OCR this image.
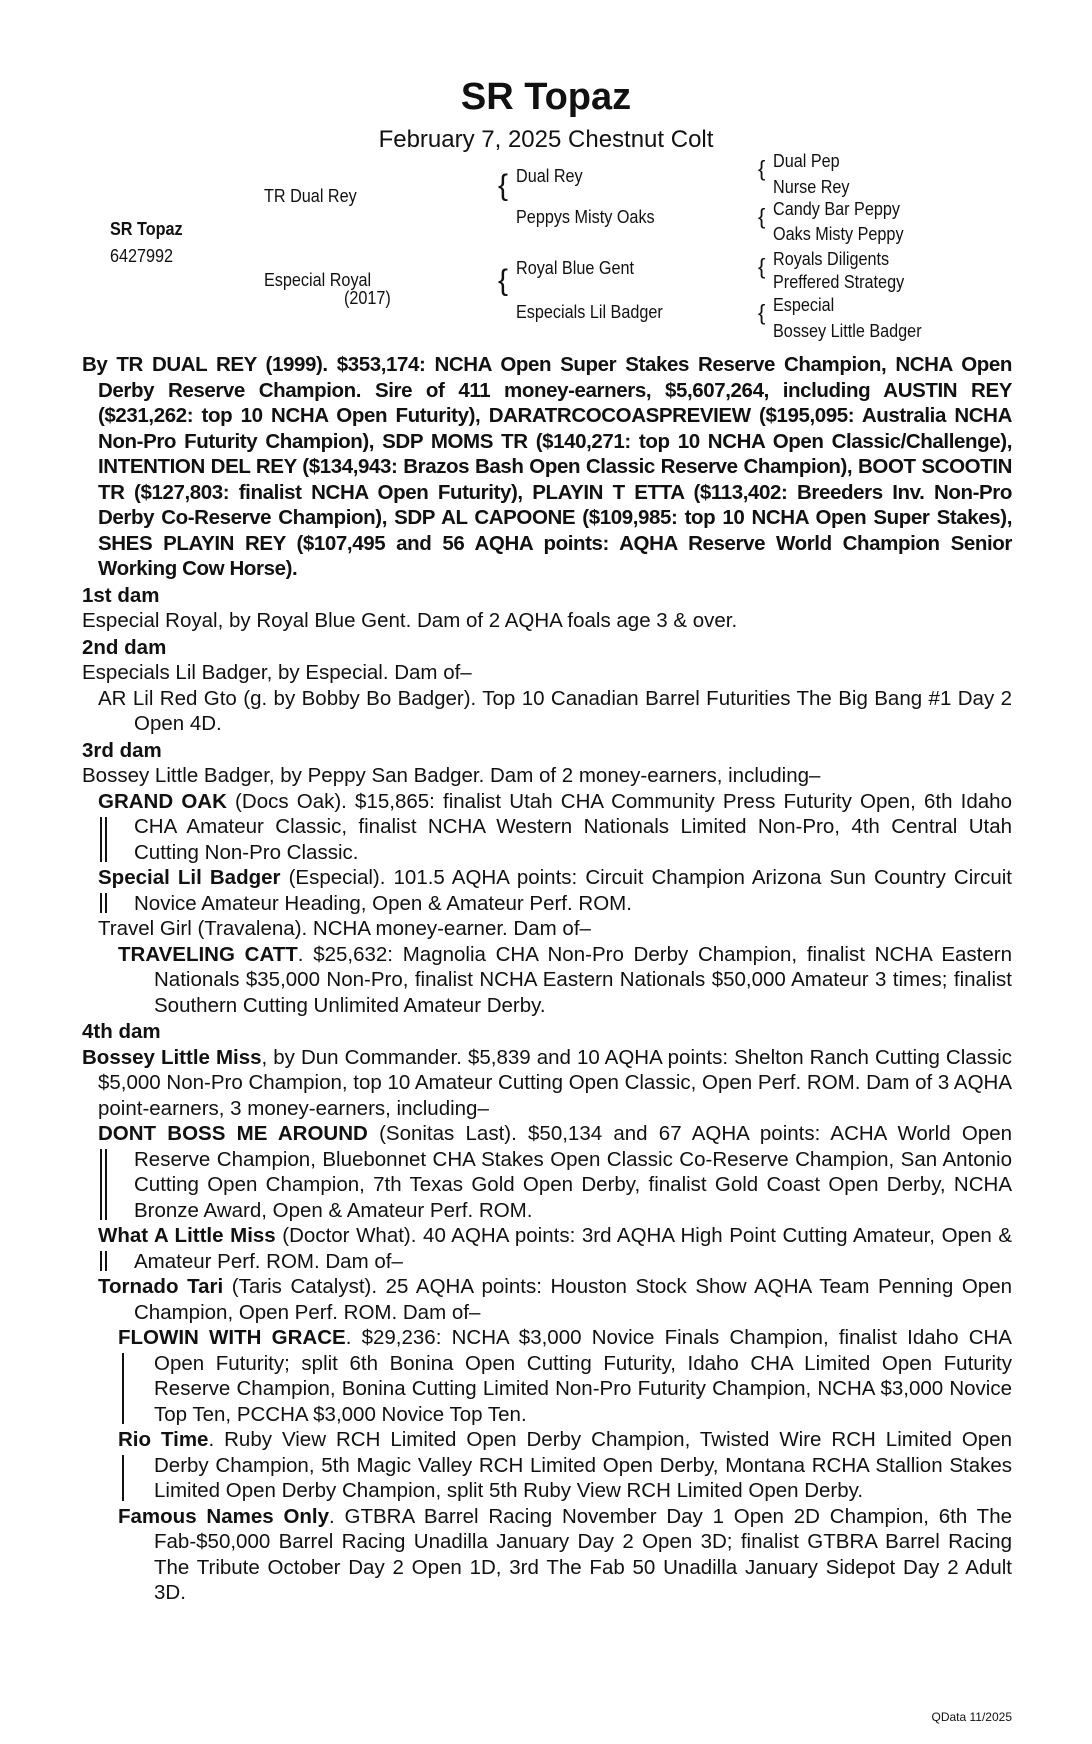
SR Topaz
February 7, 2025 Chestnut Colt
SR Topaz
6427992
TR Dual Rey
Especial Royal
(2017)
{ Dual Rey
Peppys Misty Oaks
{ Royal Blue Gent
Especials Lil Badger
{ Dual Pep
Nurse Rey
{ Candy Bar Peppy
Oaks Misty Peppy
{ Royals Diligents
Preffered Strategy
{ Especial
Bossey Little Badger

By TR DUAL REY (1999). $353,174: NCHA Open Super Stakes Reserve Champion, NCHA Open Derby Reserve Champion. Sire of 411 money-earners, $5,607,264, including AUSTIN REY ($231,262: top 10 NCHA Open Futurity), DARATRCOCOASPREVIEW ($195,095: Australia NCHA Non-Pro Futurity Champion), SDP MOMS TR ($140,271: top 10 NCHA Open Classic/Challenge), INTENTION DEL REY ($134,943: Brazos Bash Open Classic Reserve Champion), BOOT SCOOTIN TR ($127,803: finalist NCHA Open Futurity), PLAYIN T ETTA ($113,402: Breeders Inv. Non-Pro Derby Co-Reserve Champion), SDP AL CAPOONE ($109,985: top 10 NCHA Open Super Stakes), SHES PLAYIN REY ($107,495 and 56 AQHA points: AQHA Reserve World Champion Senior Working Cow Horse).

1st dam

Especial Royal, by Royal Blue Gent. Dam of 2 AQHA foals age 3 & over.

2nd dam

Especials Lil Badger, by Especial. Dam of–

AR Lil Red Gto (g. by Bobby Bo Badger). Top 10 Canadian Barrel Futurities The Big Bang #1 Day 2 Open 4D.

3rd dam

Bossey Little Badger, by Peppy San Badger. Dam of 2 money-earners, including–

GRAND OAK (Docs Oak). $15,865: finalist Utah CHA Community Press Futurity Open, 6th Idaho CHA Amateur Classic, finalist NCHA Western Nationals Limited Non-Pro, 4th Central Utah Cutting Non-Pro Classic.

Special Lil Badger (Especial). 101.5 AQHA points: Circuit Champion Arizona Sun Country Circuit Novice Amateur Heading, Open & Amateur Perf. ROM.

Travel Girl (Travalena). NCHA money-earner. Dam of–

TRAVELING CATT. $25,632: Magnolia CHA Non-Pro Derby Champion, finalist NCHA Eastern Nationals $35,000 Non-Pro, finalist NCHA Eastern Nationals $50,000 Amateur 3 times; finalist Southern Cutting Unlimited Amateur Derby.

4th dam

Bossey Little Miss, by Dun Commander. $5,839 and 10 AQHA points: Shelton Ranch Cutting Classic $5,000 Non-Pro Champion, top 10 Amateur Cutting Open Classic, Open Perf. ROM. Dam of 3 AQHA point-earners, 3 money-earners, including–

DONT BOSS ME AROUND (Sonitas Last). $50,134 and 67 AQHA points: ACHA World Open Reserve Champion, Bluebonnet CHA Stakes Open Classic Co-Reserve Champion, San Antonio Cutting Open Champion, 7th Texas Gold Open Derby, finalist Gold Coast Open Derby, NCHA Bronze Award, Open & Amateur Perf. ROM.

What A Little Miss (Doctor What). 40 AQHA points: 3rd AQHA High Point Cutting Amateur, Open & Amateur Perf. ROM. Dam of–

Tornado Tari (Taris Catalyst). 25 AQHA points: Houston Stock Show AQHA Team Penning Open Champion, Open Perf. ROM. Dam of–

FLOWIN WITH GRACE. $29,236: NCHA $3,000 Novice Finals Champion, finalist Idaho CHA Open Futurity; split 6th Bonina Open Cutting Futurity, Idaho CHA Limited Open Futurity Reserve Champion, Bonina Cutting Limited Non-Pro Futurity Champion, NCHA $3,000 Novice Top Ten, PCCHA $3,000 Novice Top Ten.

Rio Time. Ruby View RCH Limited Open Derby Champion, Twisted Wire RCH Limited Open Derby Champion, 5th Magic Valley RCH Limited Open Derby, Montana RCHA Stallion Stakes Limited Open Derby Champion, split 5th Ruby View RCH Limited Open Derby.

Famous Names Only. GTBRA Barrel Racing November Day 1 Open 2D Champion, 6th The Fab-$50,000 Barrel Racing Unadilla January Day 2 Open 3D; finalist GTBRA Barrel Racing The Tribute October Day 2 Open 1D, 3rd The Fab 50 Unadilla January Sidepot Day 2 Adult 3D.

QData 11/2025
